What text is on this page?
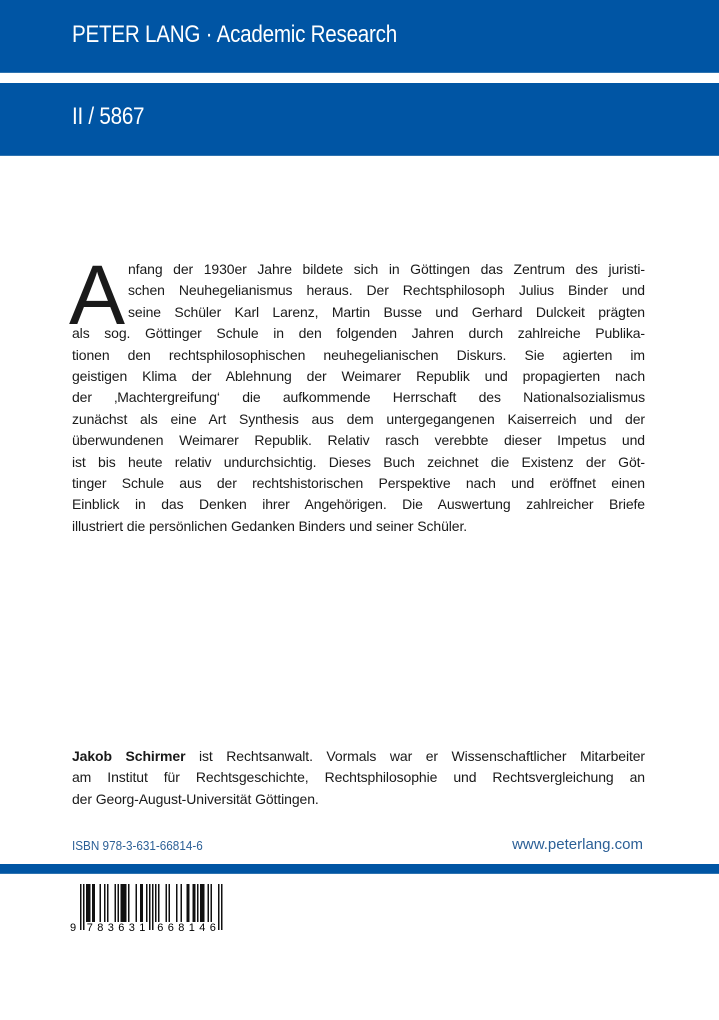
PETER LANG · Academic Research
II / 5867
A nfang der 1930er Jahre bildete sich in Göttingen das Zentrum des juristi-
schen Neuhegelianismus heraus. Der Rechtsphilosoph Julius Binder und
seine Schüler Karl Larenz, Martin Busse und Gerhard Dulckeit prägten
als sog. Göttinger Schule in den folgenden Jahren durch zahlreiche Publika-
tionen den rechtsphilosophischen neuhegelianischen Diskurs. Sie agierten im
geistigen Klima der Ablehnung der Weimarer Republik und propagierten nach
der ‚Machtergreifung‘ die aufkommende Herrschaft des Nationalsozialismus
zunächst als eine Art Synthesis aus dem untergegangenen Kaiserreich und der
überwundenen Weimarer Republik. Relativ rasch verebbte dieser Impetus und
ist bis heute relativ undurchsichtig. Dieses Buch zeichnet die Existenz der Göt-
tinger Schule aus der rechtshistorischen Perspektive nach und eröffnet einen
Einblick in das Denken ihrer Angehörigen. Die Auswertung zahlreicher Briefe
illustriert die persönlichen Gedanken Binders und seiner Schüler.
Jakob Schirmer ist Rechtsanwalt. Vormals war er Wissenschaftlicher Mitarbeiter
am Institut für Rechtsgeschichte, Rechtsphilosophie und Rechtsvergleichung an
der Georg-August-Universität Göttingen.
ISBN 978-3-631-66814-6	www.peterlang.com
9 7 8 3 6 3 1 6 6 8 1 4 6
